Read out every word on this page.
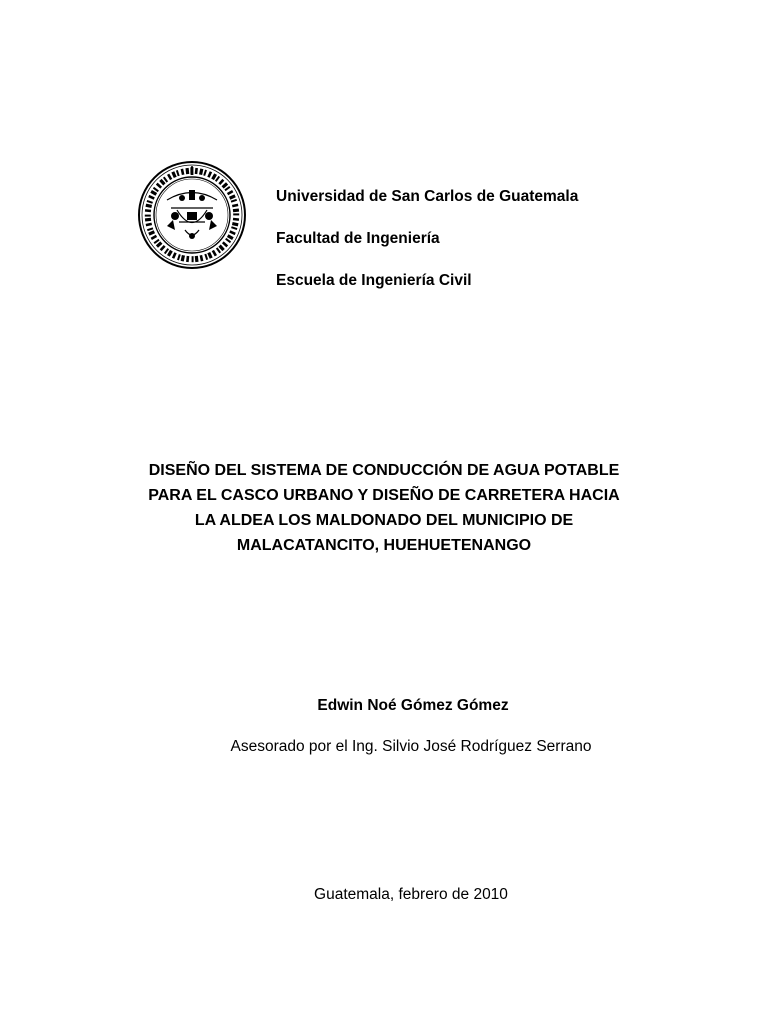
Universidad de San Carlos de Guatemala
Facultad de Ingeniería
Escuela de Ingeniería Civil
DISEÑO DEL SISTEMA DE CONDUCCIÓN DE AGUA POTABLE
PARA EL CASCO URBANO Y DISEÑO DE CARRETERA HACIA
LA ALDEA LOS MALDONADO DEL MUNICIPIO DE
MALACATANCITO, HUEHUETENANGO
Edwin Noé Gómez Gómez
Asesorado por el Ing. Silvio José Rodríguez Serrano
Guatemala, febrero de 2010
